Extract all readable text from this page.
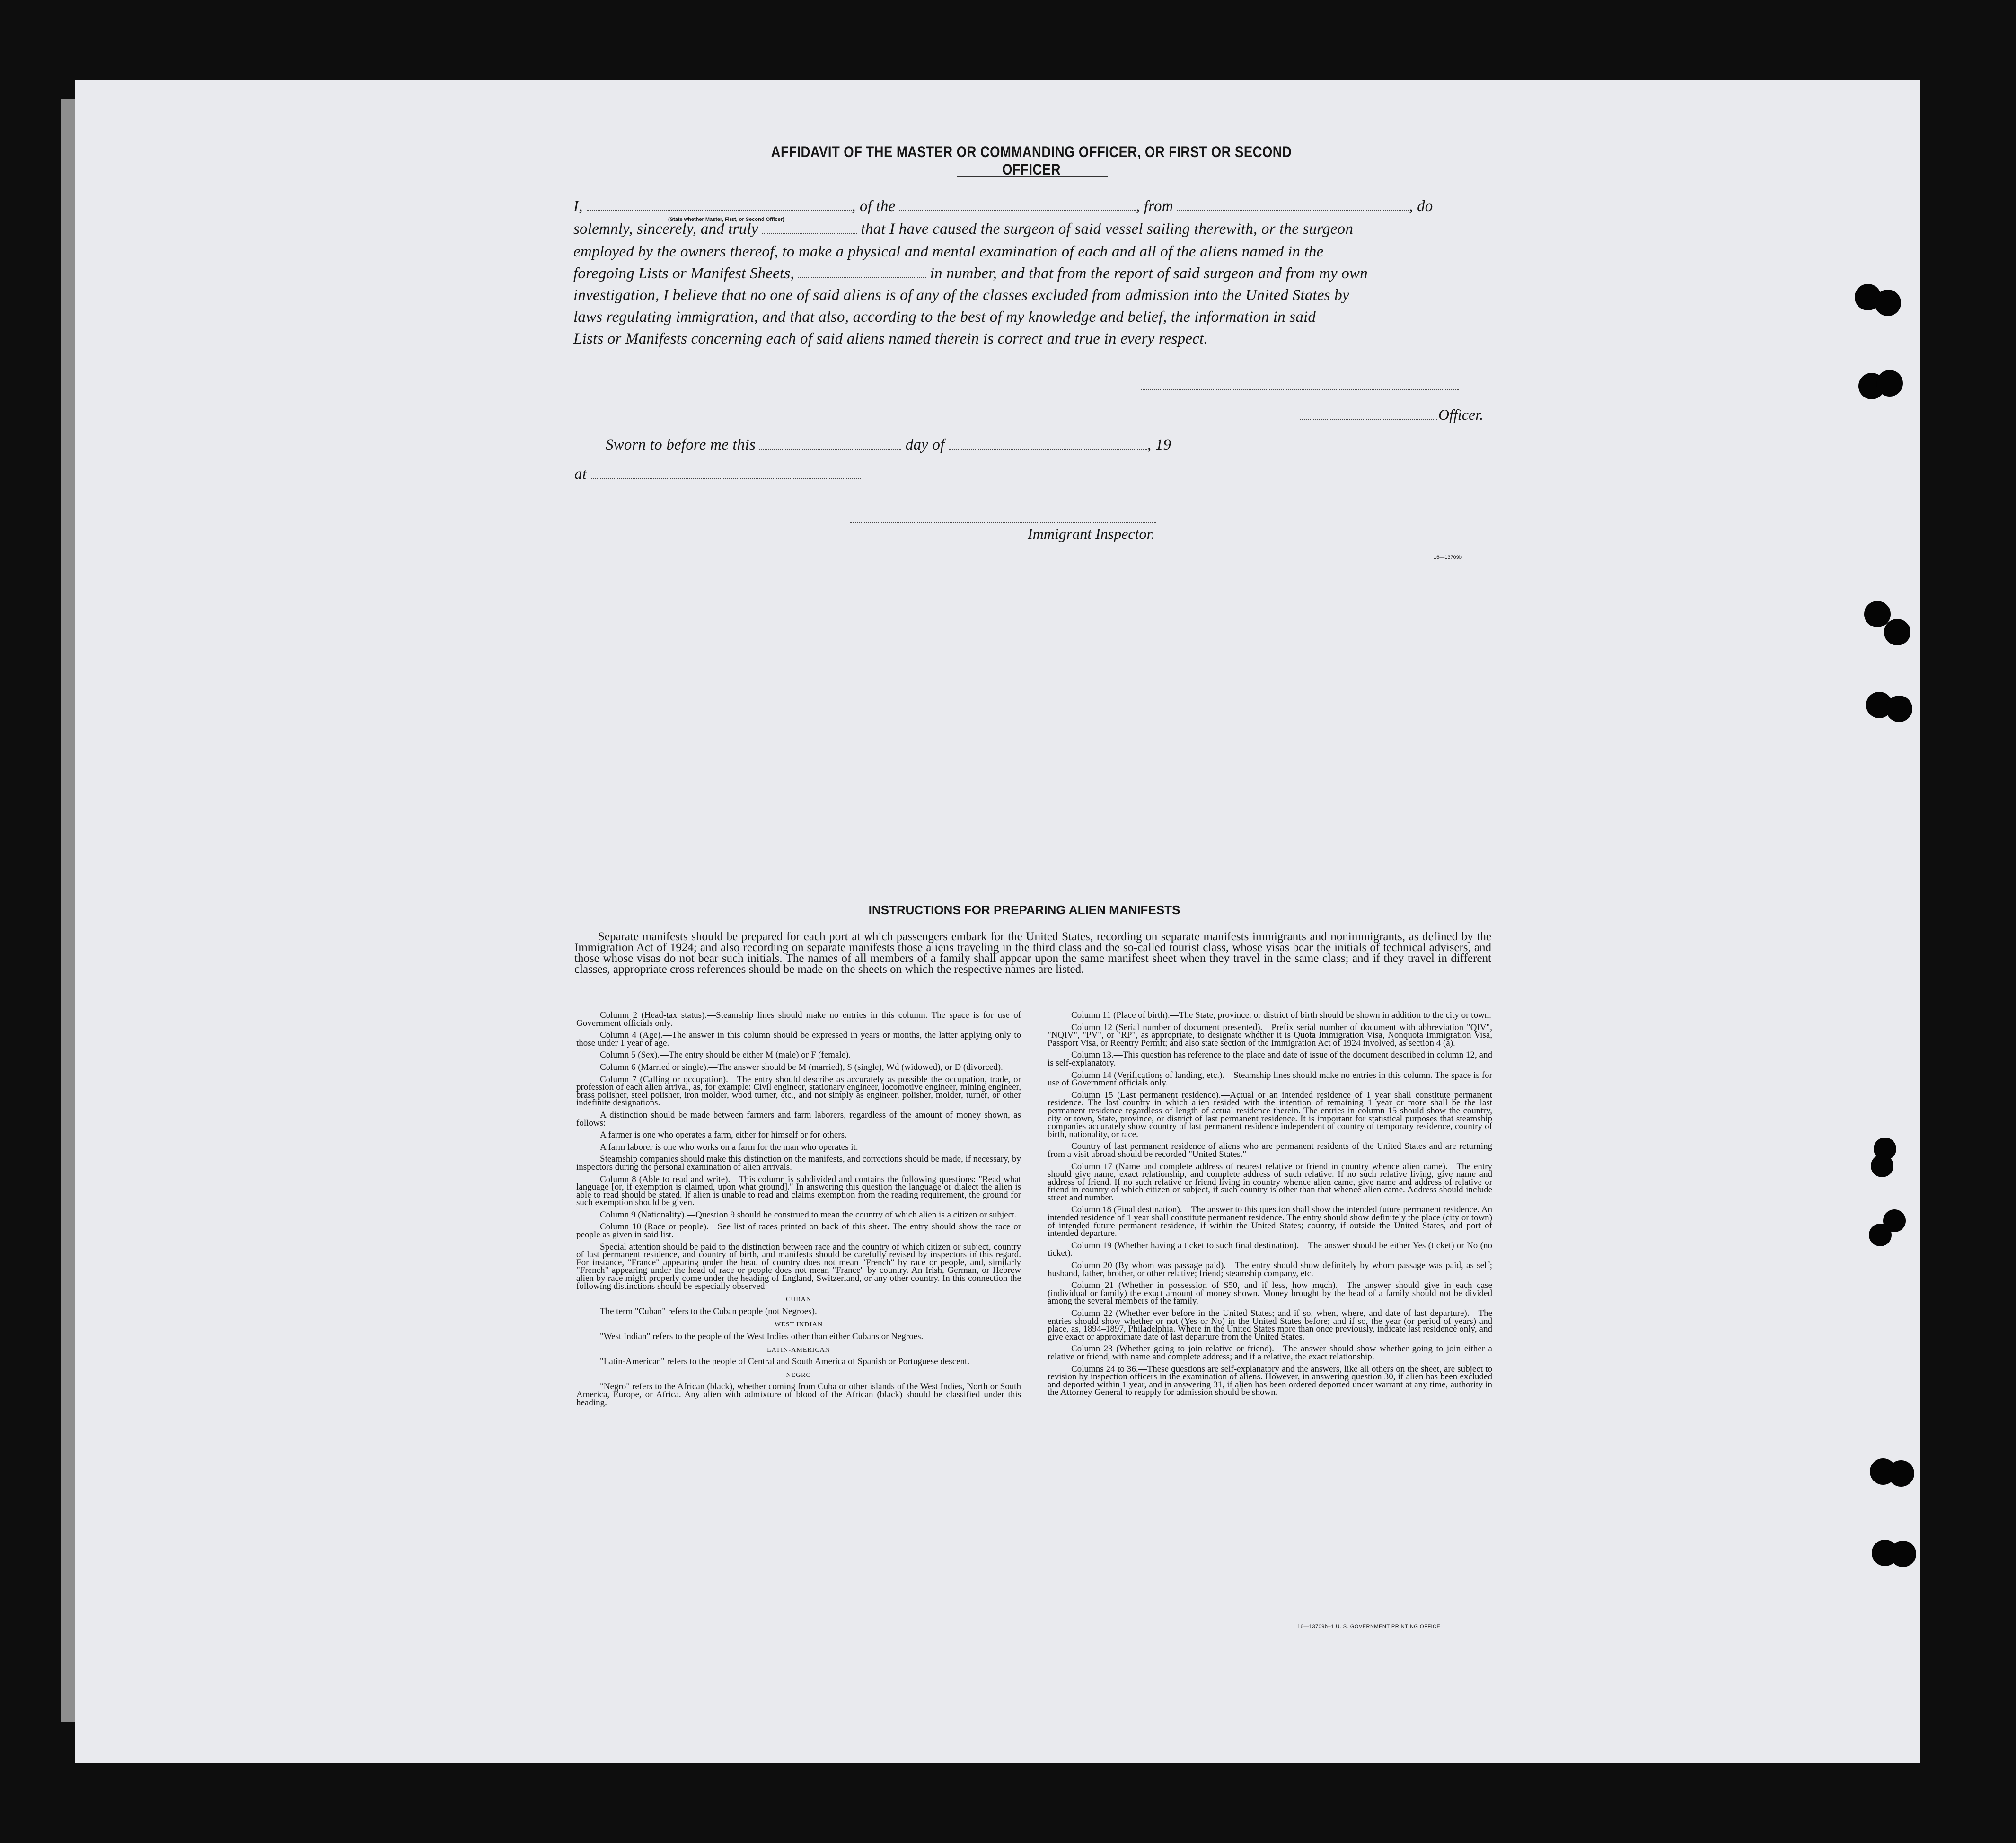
AFFIDAVIT OF THE MASTER OR COMMANDING OFFICER, OR FIRST OR SECOND OFFICER
I,	, of the	, from	, do
(State whether Master, First, or Second Officer)
solemnly, sincerely, and truly	that I have caused the surgeon of said vessel sailing therewith, or the surgeon
employed by the owners thereof, to make a physical and mental examination of each and all of the aliens named in the
foregoing Lists or Manifest Sheets,	in number, and that from the report of said surgeon and from my own
investigation, I believe that no one of said aliens is of any of the classes excluded from admission into the United States by
laws regulating immigration, and that also, according to the best of my knowledge and belief, the information in said
Lists or Manifests concerning each of said aliens named therein is correct and true in every respect.
Officer.
Sworn to before me this	day of	, 19
at
Immigrant Inspector.
16—13709b
INSTRUCTIONS FOR PREPARING ALIEN MANIFESTS
Separate manifests should be prepared for each port at which passengers embark for the United States, recording on separate manifests immigrants and nonimmigrants, as defined by the Immigration Act of 1924; and also recording on separate manifests those aliens traveling in the third class and the so-called tourist class, whose visas bear the initials of technical advisers, and those whose visas do not bear such initials. The names of all members of a family shall appear upon the same manifest sheet when they travel in the same class; and if they travel in different classes, appropriate cross references should be made on the sheets on which the respective names are listed.

Column 2 (Head-tax status).—Steamship lines should make no entries in this column. The space is for use of Government officials only.

Column 4 (Age).—The answer in this column should be expressed in years or months, the latter applying only to those under 1 year of age.

Column 5 (Sex).—The entry should be either M (male) or F (female).

Column 6 (Married or single).—The answer should be M (married), S (single), Wd (widowed), or D (divorced).

Column 7 (Calling or occupation).—The entry should describe as accurately as possible the occupation, trade, or profession of each alien arrival, as, for example: Civil engineer, stationary engineer, locomotive engineer, mining engineer, brass polisher, steel polisher, iron molder, wood turner, etc., and not simply as engineer, polisher, molder, turner, or other indefinite designations.

A distinction should be made between farmers and farm laborers, regardless of the amount of money shown, as follows:

A farmer is one who operates a farm, either for himself or for others.

A farm laborer is one who works on a farm for the man who operates it.

Steamship companies should make this distinction on the manifests, and corrections should be made, if necessary, by inspectors during the personal examination of alien arrivals.

Column 8 (Able to read and write).—This column is subdivided and contains the following questions: "Read what language [or, if exemption is claimed, upon what ground]." In answering this question the language or dialect the alien is able to read should be stated. If alien is unable to read and claims exemption from the reading requirement, the ground for such exemption should be given.

Column 9 (Nationality).—Question 9 should be construed to mean the country of which alien is a citizen or subject.

Column 10 (Race or people).—See list of races printed on back of this sheet. The entry should show the race or people as given in said list.

Special attention should be paid to the distinction between race and the country of which citizen or subject, country of last permanent residence, and country of birth, and manifests should be carefully revised by inspectors in this regard. For instance, "France" appearing under the head of country does not mean "French" by race or people, and, similarly "French" appearing under the head of race or people does not mean "France" by country. An Irish, German, or Hebrew alien by race might properly come under the heading of England, Switzerland, or any other country. In this connection the following distinctions should be especially observed:

CUBAN

The term "Cuban" refers to the Cuban people (not Negroes).

WEST INDIAN

"West Indian" refers to the people of the West Indies other than either Cubans or Negroes.

LATIN-AMERICAN

"Latin-American" refers to the people of Central and South America of Spanish or Portuguese descent.

NEGRO

"Negro" refers to the African (black), whether coming from Cuba or other islands of the West Indies, North or South America, Europe, or Africa. Any alien with admixture of blood of the African (black) should be classified under this heading.

Column 11 (Place of birth).—The State, province, or district of birth should be shown in addition to the city or town.

Column 12 (Serial number of document presented).—Prefix serial number of document with abbreviation "QIV", "NQIV", "PV", or "RP", as appropriate, to designate whether it is Quota Immigration Visa, Nonquota Immigration Visa, Passport Visa, or Reentry Permit; and also state section of the Immigration Act of 1924 involved, as section 4 (a).

Column 13.—This question has reference to the place and date of issue of the document described in column 12, and is self-explanatory.

Column 14 (Verifications of landing, etc.).—Steamship lines should make no entries in this column. The space is for use of Government officials only.

Column 15 (Last permanent residence).—Actual or an intended residence of 1 year shall constitute permanent residence. The last country in which alien resided with the intention of remaining 1 year or more shall be the last permanent residence regardless of length of actual residence therein. The entries in column 15 should show the country, city or town, State, province, or district of last permanent residence. It is important for statistical purposes that steamship companies accurately show country of last permanent residence independent of country of temporary residence, country of birth, nationality, or race.

Country of last permanent residence of aliens who are permanent residents of the United States and are returning from a visit abroad should be recorded "United States."

Column 17 (Name and complete address of nearest relative or friend in country whence alien came).—The entry should give name, exact relationship, and complete address of such relative. If no such relative living, give name and address of friend. If no such relative or friend living in country whence alien came, give name and address of relative or friend in country of which citizen or subject, if such country is other than that whence alien came. Address should include street and number.

Column 18 (Final destination).—The answer to this question shall show the intended future permanent residence. An intended residence of 1 year shall constitute permanent residence. The entry should show definitely the place (city or town) of intended future permanent residence, if within the United States; country, if outside the United States, and port of intended departure.

Column 19 (Whether having a ticket to such final destination).—The answer should be either Yes (ticket) or No (no ticket).

Column 20 (By whom was passage paid).—The entry should show definitely by whom passage was paid, as self; husband, father, brother, or other relative; friend; steamship company, etc.

Column 21 (Whether in possession of $50, and if less, how much).—The answer should give in each case (individual or family) the exact amount of money shown. Money brought by the head of a family should not be divided among the several members of the family.

Column 22 (Whether ever before in the United States; and if so, when, where, and date of last departure).—The entries should show whether or not (Yes or No) in the United States before; and if so, the year (or period of years) and place, as, 1894–1897, Philadelphia. Where in the United States more than once previously, indicate last residence only, and give exact or approximate date of last departure from the United States.

Column 23 (Whether going to join relative or friend).—The answer should show whether going to join either a relative or friend, with name and complete address; and if a relative, the exact relationship.

Columns 24 to 36.—These questions are self-explanatory and the answers, like all others on the sheet, are subject to revision by inspection officers in the examination of aliens. However, in answering question 30, if alien has been excluded and deported within 1 year, and in answering 31, if alien has been ordered deported under warrant at any time, authority in the Attorney General to reapply for admission should be shown.

16—13709b–1 U. S. GOVERNMENT PRINTING OFFICE
